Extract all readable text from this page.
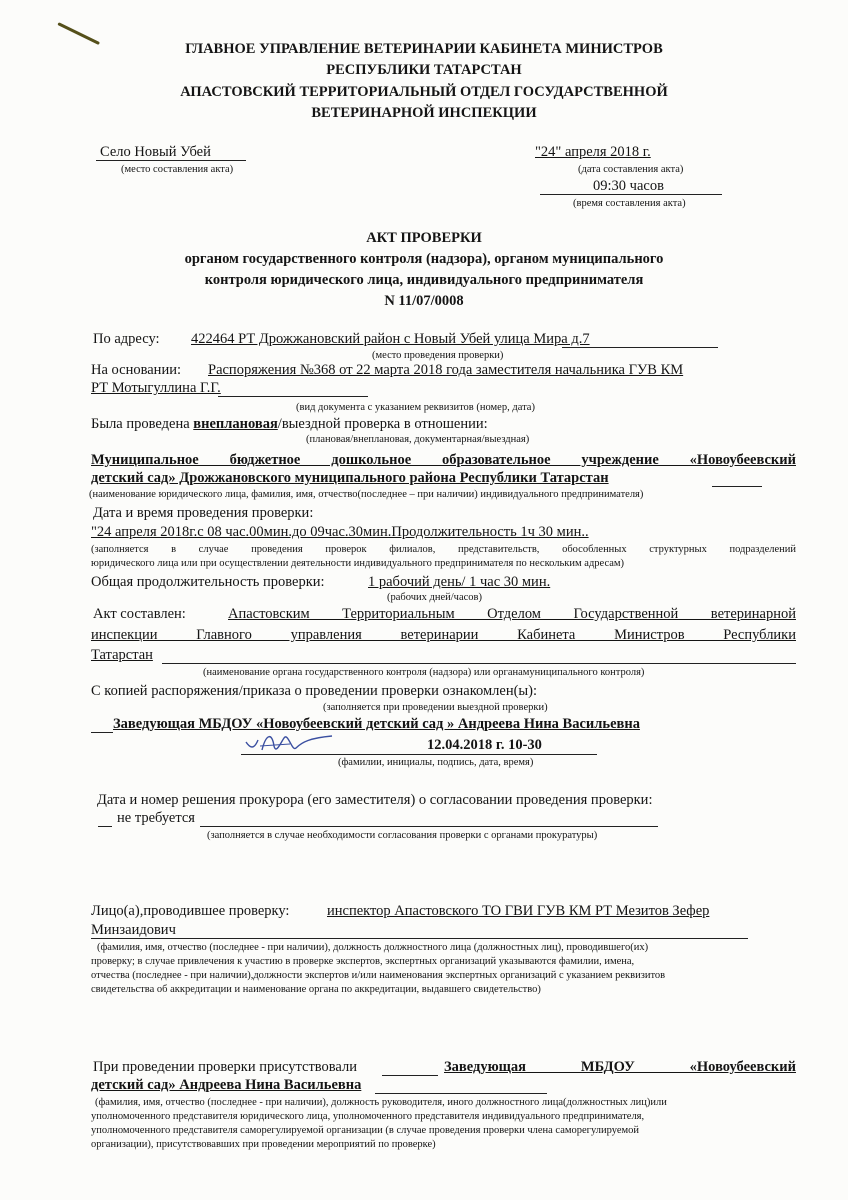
ГЛАВНОЕ УПРАВЛЕНИЕ ВЕТЕРИНАРИИ КАБИНЕТА МИНИСТРОВ
РЕСПУБЛИКИ ТАТАРСТАН
АПАСТОВСКИЙ ТЕРРИТОРИАЛЬНЫЙ ОТДЕЛ ГОСУДАРСТВЕННОЙ
ВЕТЕРИНАРНОЙ ИНСПЕКЦИИ
Село Новый Убей
(место составления акта)
"24" апреля 2018 г.
(дата составления акта)
09:30 часов
(время составления акта)
АКТ ПРОВЕРКИ
органом государственного контроля (надзора), органом муниципального
контроля юридического лица, индивидуального предпринимателя
N 11/07/0008
По адресу: 422464 РТ Дрожжановский район с Новый Убей улица Мира д.7
(место проведения проверки)
На основании: Распоряжения №368 от 22 марта 2018 года заместителя начальника ГУВ КМ
РТ Мотыгуллина Г.Г.
(вид документа с указанием реквизитов (номер, дата)
Была проведена внеплановая/выездной проверка в отношении:
(плановая/внеплановая, документарная/выездная)
Муниципальное бюджетное дошкольное образовательное учреждение «Новоубеевский
детский сад» Дрожжановского муниципального района Республики Татарстан
(наименование юридического лица, фамилия, имя, отчество(последнее – при наличии) индивидуального предпринимателя)
Дата и время проведения проверки:
"24 апреля 2018г.с 08 час.00мин.до 09час.30мин.Продолжительность 1ч 30 мин..
(заполняется в случае проведения проверок филиалов, представительств, обособленных структурных подразделений
юридического лица или при осуществлении деятельности индивидуального предпринимателя по нескольким адресам)
Общая продолжительность проверки:	1 рабочий день/ 1 час 30 мин.
(рабочих дней/часов)
Акт составлен:	Апастовским Территориальным Отделом Государственной ветеринарной
инспекции Главного управления ветеринарии Кабинета Министров Республики
Татарстан
(наименование органа государственного контроля (надзора) или органамуниципального контроля)
С копией распоряжения/приказа о проведении проверки ознакомлен(ы):
(заполняется при проведении выездной проверки)
Заведующая МБДОУ «Новоубеевский детский сад » Андреева Нина Васильевна
12.04.2018 г. 10-30
(фамилии, инициалы, подпись, дата, время)
Дата и номер решения прокурора (его заместителя) о согласовании проведения проверки:
не требуется
(заполняется в случае необходимости согласования проверки с органами прокуратуры)
Лицо(а),проводившее проверку:	инспектор Апастовского ТО ГВИ ГУВ КМ РТ Мезитов Зефер
Минзаидович
(фамилия, имя, отчество (последнее - при наличии), должность должностного лица (должностных лиц), проводившего(их)
проверку; в случае привлечения к участию в проверке экспертов, экспертных организаций указываются фамилии, имена,
отчества (последнее - при наличии),должности экспертов и/или наименования экспертных организаций с указанием реквизитов
свидетельства об аккредитации и наименование органа по аккредитации, выдавшего свидетельство)
При проведении проверки присутствовали	Заведующая МБДОУ «Новоубеевский
детский сад» Андреева Нина Васильевна
(фамилия, имя, отчество (последнее - при наличии), должность руководителя, иного должностного лица(должностных лиц)или
уполномоченного представителя юридического лица, уполномоченного представителя индивидуального предпринимателя,
уполномоченного представителя саморегулируемой организации (в случае проведения проверки члена саморегулируемой
организации), присутствовавших при проведении мероприятий по проверке)
